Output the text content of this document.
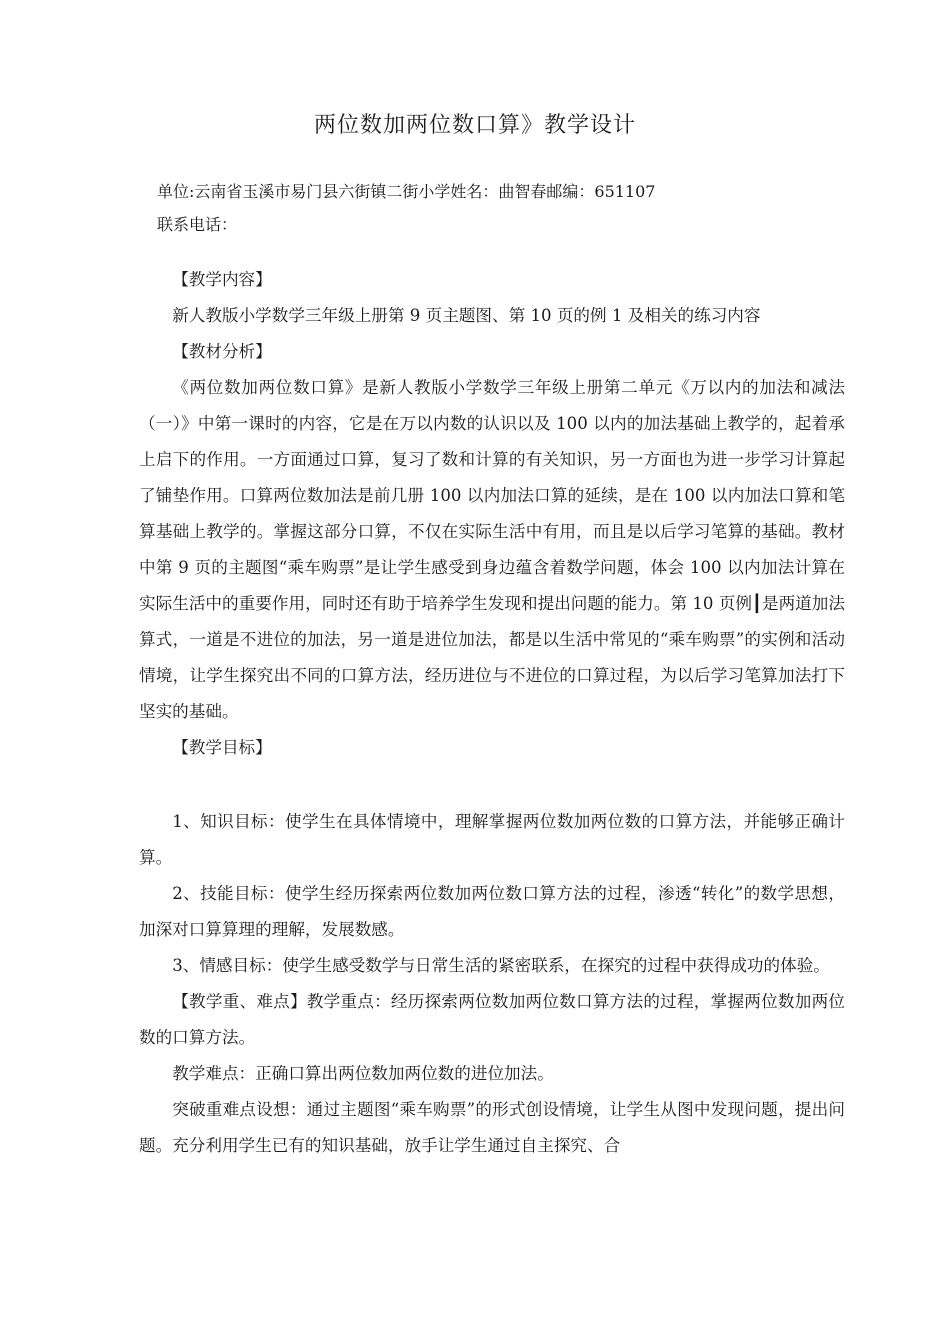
两位数加两位数口算》教学设计
单位:云南省玉溪市易门县六街镇二街小学姓名：曲智春邮编：651107
联系电话：

【教学内容】

新人教版小学数学三年级上册第 9 页主题图、第 10 页的例 1 及相关的练习内容

【教材分析】

《两位数加两位数口算》是新人教版小学数学三年级上册第二单元《万以内的加法和减法（一）》中第一课时的内容，它是在万以内数的认识以及 100 以内的加法基础上教学的，起着承上启下的作用。一方面通过口算，复习了数和计算的有关知识，另一方面也为进一步学习计算起了铺垫作用。口算两位数加法是前几册 100 以内加法口算的延续，是在 100 以内加法口算和笔算基础上教学的。掌握这部分口算，不仅在实际生活中有用，而且是以后学习笔算的基础。教材中第 9 页的主题图“乘车购票”是让学生感受到身边蕴含着数学问题，体会 100 以内加法计算在实际生活中的重要作用，同时还有助于培养学生发现和提出问题的能力。第 10 页例┃是两道加法算式，一道是不进位的加法，另一道是进位加法，都是以生活中常见的“乘车购票”的实例和活动情境，让学生探究出不同的口算方法，经历进位与不进位的口算过程，为以后学习笔算加法打下坚实的基础。

【教学目标】

1、知识目标：使学生在具体情境中，理解掌握两位数加两位数的口算方法，并能够正确计算。

2、技能目标：使学生经历探索两位数加两位数口算方法的过程，渗透“转化”的数学思想，加深对口算算理的理解，发展数感。

3、情感目标：使学生感受数学与日常生活的紧密联系，在探究的过程中获得成功的体验。

【教学重、难点】教学重点：经历探索两位数加两位数口算方法的过程，掌握两位数加两位数的口算方法。

教学难点：正确口算出两位数加两位数的进位加法。

突破重难点设想：通过主题图“乘车购票”的形式创设情境，让学生从图中发现问题，提出问题。充分利用学生已有的知识基础，放手让学生通过自主探究、合
